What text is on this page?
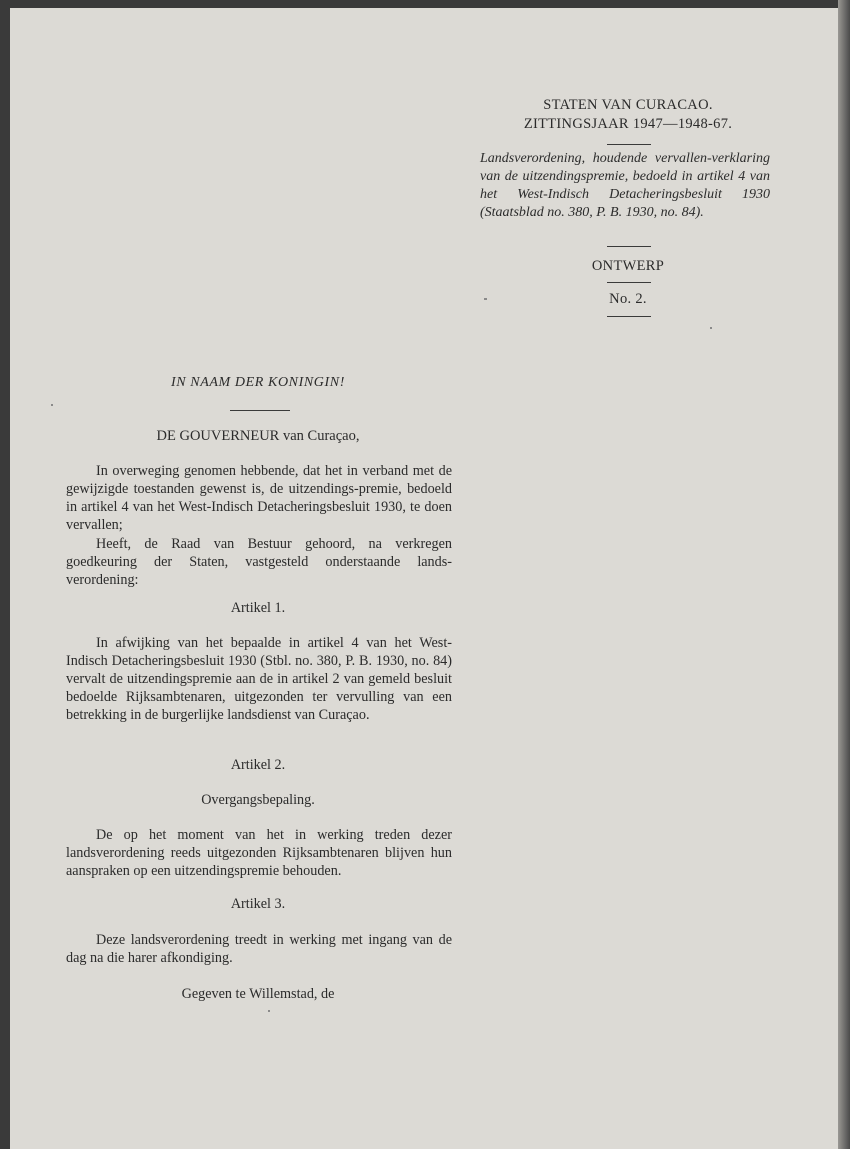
STATEN VAN CURACAO.
ZITTINGSJAAR 1947—1948-67.

Landsverordening, houdende vervallen-verklaring van de uitzendingspremie, bedoeld in artikel 4 van het West-Indisch Detacheringsbesluit 1930 (Staatsblad no. 380, P. B. 1930, no. 84).

ONTWERP
No. 2.
IN NAAM DER KONINGIN!
DE GOUVERNEUR van Curaçao,

In overweging genomen hebbende, dat het in verband met de gewijzigde toestanden gewenst is, de uitzendings-premie, bedoeld in artikel 4 van het West-Indisch Detacheringsbesluit 1930, te doen vervallen;

Heeft, de Raad van Bestuur gehoord, na verkregen goedkeuring der Staten, vastgesteld onderstaande lands-verordening:

Artikel 1.

In afwijking van het bepaalde in artikel 4 van het West-Indisch Detacheringsbesluit 1930 (Stbl. no. 380, P. B. 1930, no. 84) vervalt de uitzendingspremie aan de in artikel 2 van gemeld besluit bedoelde Rijksambtenaren, uitgezonden ter vervulling van een betrekking in de burgerlijke landsdienst van Curaçao.

Artikel 2.
Overgangsbepaling.

De op het moment van het in werking treden dezer landsverordening reeds uitgezonden Rijksambtenaren blijven hun aanspraken op een uitzendingspremie behouden.

Artikel 3.

Deze landsverordening treedt in werking met ingang van de dag na die harer afkondiging.

Gegeven te Willemstad, de
